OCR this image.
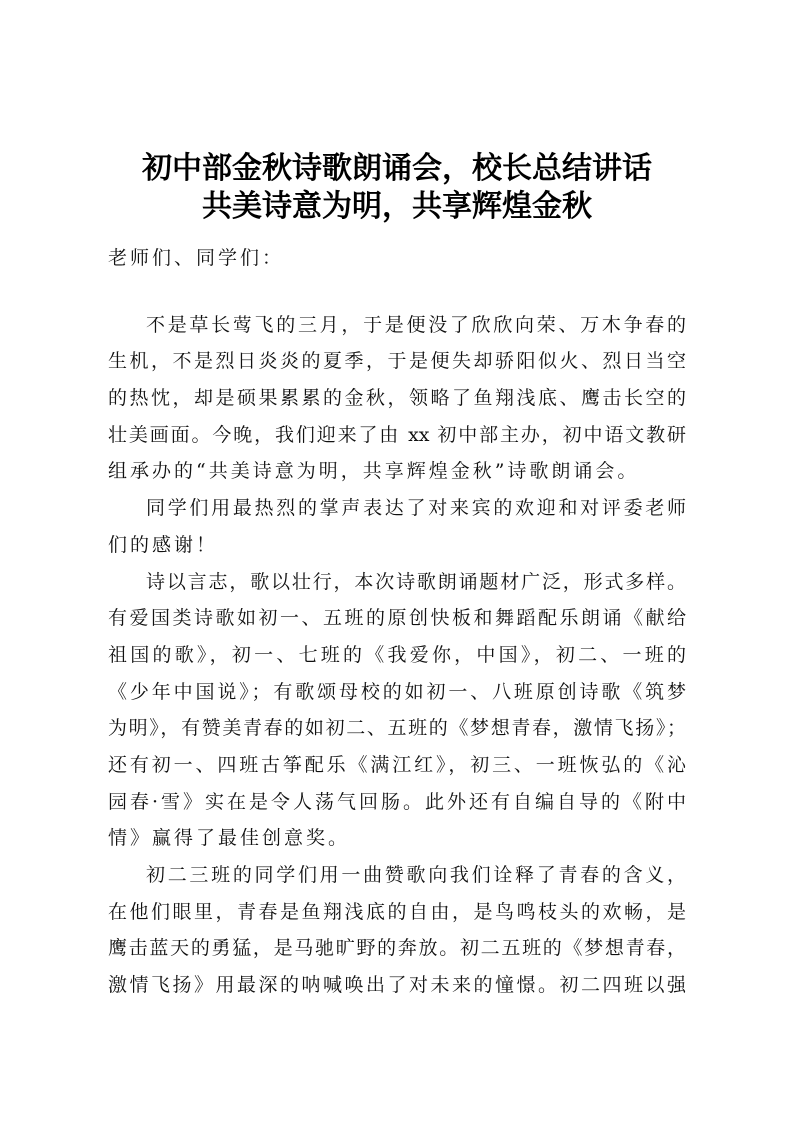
初中部金秋诗歌朗诵会，校长总结讲话
共美诗意为明，共享辉煌金秋
老师们、同学们：
不是草长莺飞的三月，于是便没了欣欣向荣、万木争春的
生机，不是烈日炎炎的夏季，于是便失却骄阳似火、烈日当空
的热忱，却是硕果累累的金秋，领略了鱼翔浅底、鹰击长空的
壮美画面。今晚，我们迎来了由 xx 初中部主办，初中语文教研
组承办的“共美诗意为明，共享辉煌金秋”诗歌朗诵会。
同学们用最热烈的掌声表达了对来宾的欢迎和对评委老师
们的感谢！
诗以言志，歌以壮行，本次诗歌朗诵题材广泛，形式多样。
有爱国类诗歌如初一、五班的原创快板和舞蹈配乐朗诵《献给
祖国的歌》，初一、七班的《我爱你，中国》，初二、一班的
《少年中国说》；有歌颂母校的如初一、八班原创诗歌《筑梦
为明》，有赞美青春的如初二、五班的《梦想青春，激情飞扬》；
还有初一、四班古筝配乐《满江红》，初三、一班恢弘的《沁
园春·雪》实在是令人荡气回肠。此外还有自编自导的《附中
情》赢得了最佳创意奖。
初二三班的同学们用一曲赞歌向我们诠释了青春的含义，
在他们眼里，青春是鱼翔浅底的自由，是鸟鸣枝头的欢畅，是
鹰击蓝天的勇猛，是马驰旷野的奔放。初二五班的《梦想青春，
激情飞扬》用最深的呐喊唤出了对未来的憧憬。初二四班以强
